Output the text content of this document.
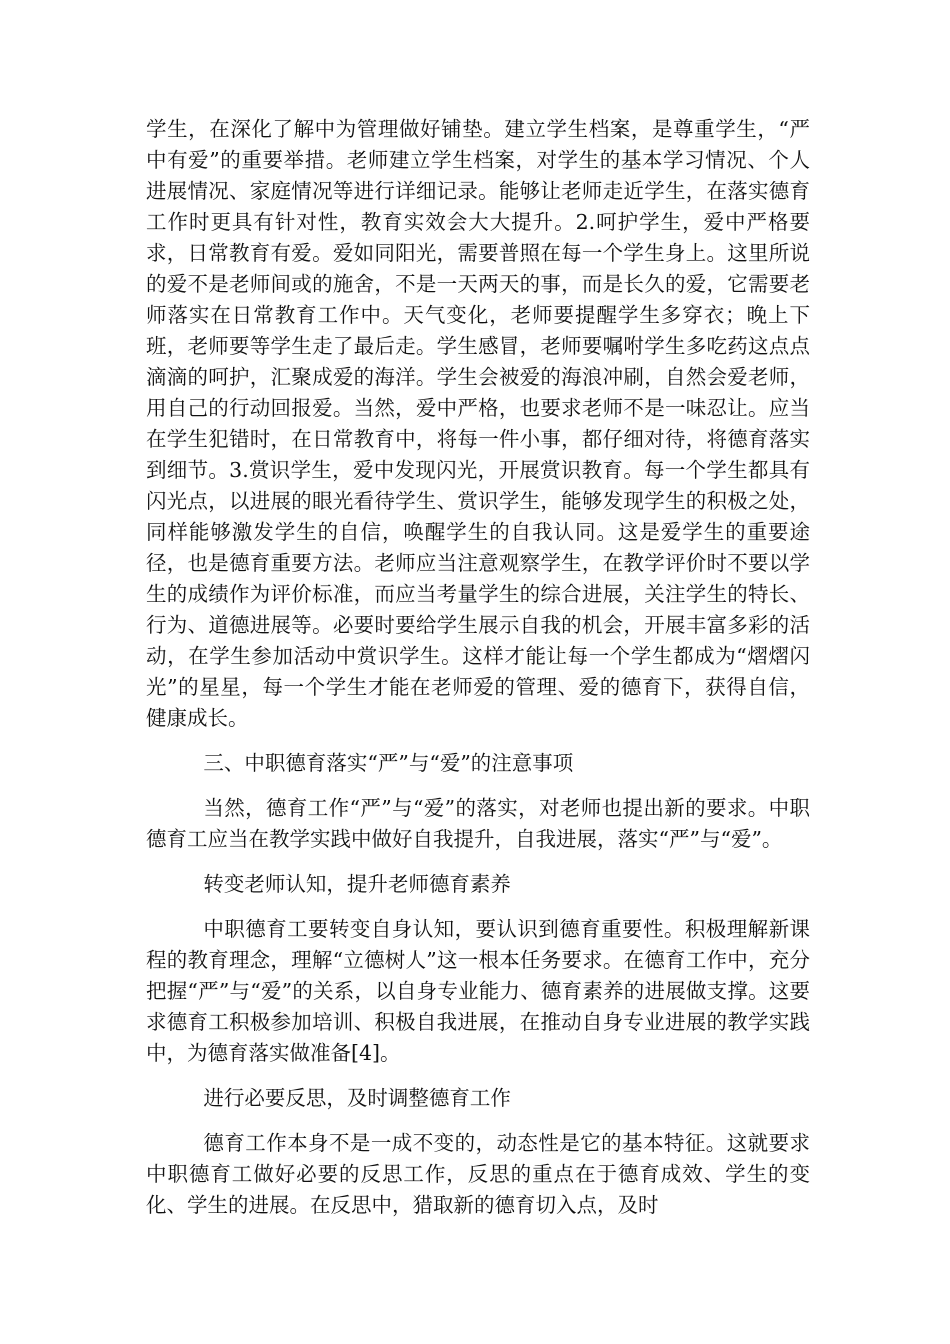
学生，在深化了解中为管理做好铺垫。建立学生档案，是尊重学生，“严中有爱”的重要举措。老师建立学生档案，对学生的基本学习情况、个人进展情况、家庭情况等进行详细记录。能够让老师走近学生，在落实德育工作时更具有针对性，教育实效会大大提升。2.呵护学生，爱中严格要求，日常教育有爱。爱如同阳光，需要普照在每一个学生身上。这里所说的爱不是老师间或的施舍，不是一天两天的事，而是长久的爱，它需要老师落实在日常教育工作中。天气变化，老师要提醒学生多穿衣；晚上下班，老师要等学生走了最后走。学生感冒，老师要嘱咐学生多吃药这点点滴滴的呵护，汇聚成爱的海洋。学生会被爱的海浪冲刷，自然会爱老师，用自己的行动回报爱。当然，爱中严格，也要求老师不是一味忍让。应当在学生犯错时，在日常教育中，将每一件小事，都仔细对待，将德育落实到细节。3.赏识学生，爱中发现闪光，开展赏识教育。每一个学生都具有闪光点，以进展的眼光看待学生、赏识学生，能够发现学生的积极之处，同样能够激发学生的自信，唤醒学生的自我认同。这是爱学生的重要途径，也是德育重要方法。老师应当注意观察学生，在教学评价时不要以学生的成绩作为评价标准，而应当考量学生的综合进展，关注学生的特长、行为、道德进展等。必要时要给学生展示自我的机会，开展丰富多彩的活动，在学生参加活动中赏识学生。这样才能让每一个学生都成为“熠熠闪光”的星星，每一个学生才能在老师爱的管理、爱的德育下，获得自信，健康成长。

三、中职德育落实“严”与“爱”的注意事项

当然，德育工作“严”与“爱”的落实，对老师也提出新的要求。中职德育工应当在教学实践中做好自我提升，自我进展，落实“严”与“爱”。

转变老师认知，提升老师德育素养

中职德育工要转变自身认知，要认识到德育重要性。积极理解新课程的教育理念，理解“立德树人”这一根本任务要求。在德育工作中，充分把握“严”与“爱”的关系，以自身专业能力、德育素养的进展做支撑。这要求德育工积极参加培训、积极自我进展，在推动自身专业进展的教学实践中，为德育落实做准备[4]。

进行必要反思，及时调整德育工作

德育工作本身不是一成不变的，动态性是它的基本特征。这就要求中职德育工做好必要的反思工作，反思的重点在于德育成效、学生的变化、学生的进展。在反思中，猎取新的德育切入点，及时
